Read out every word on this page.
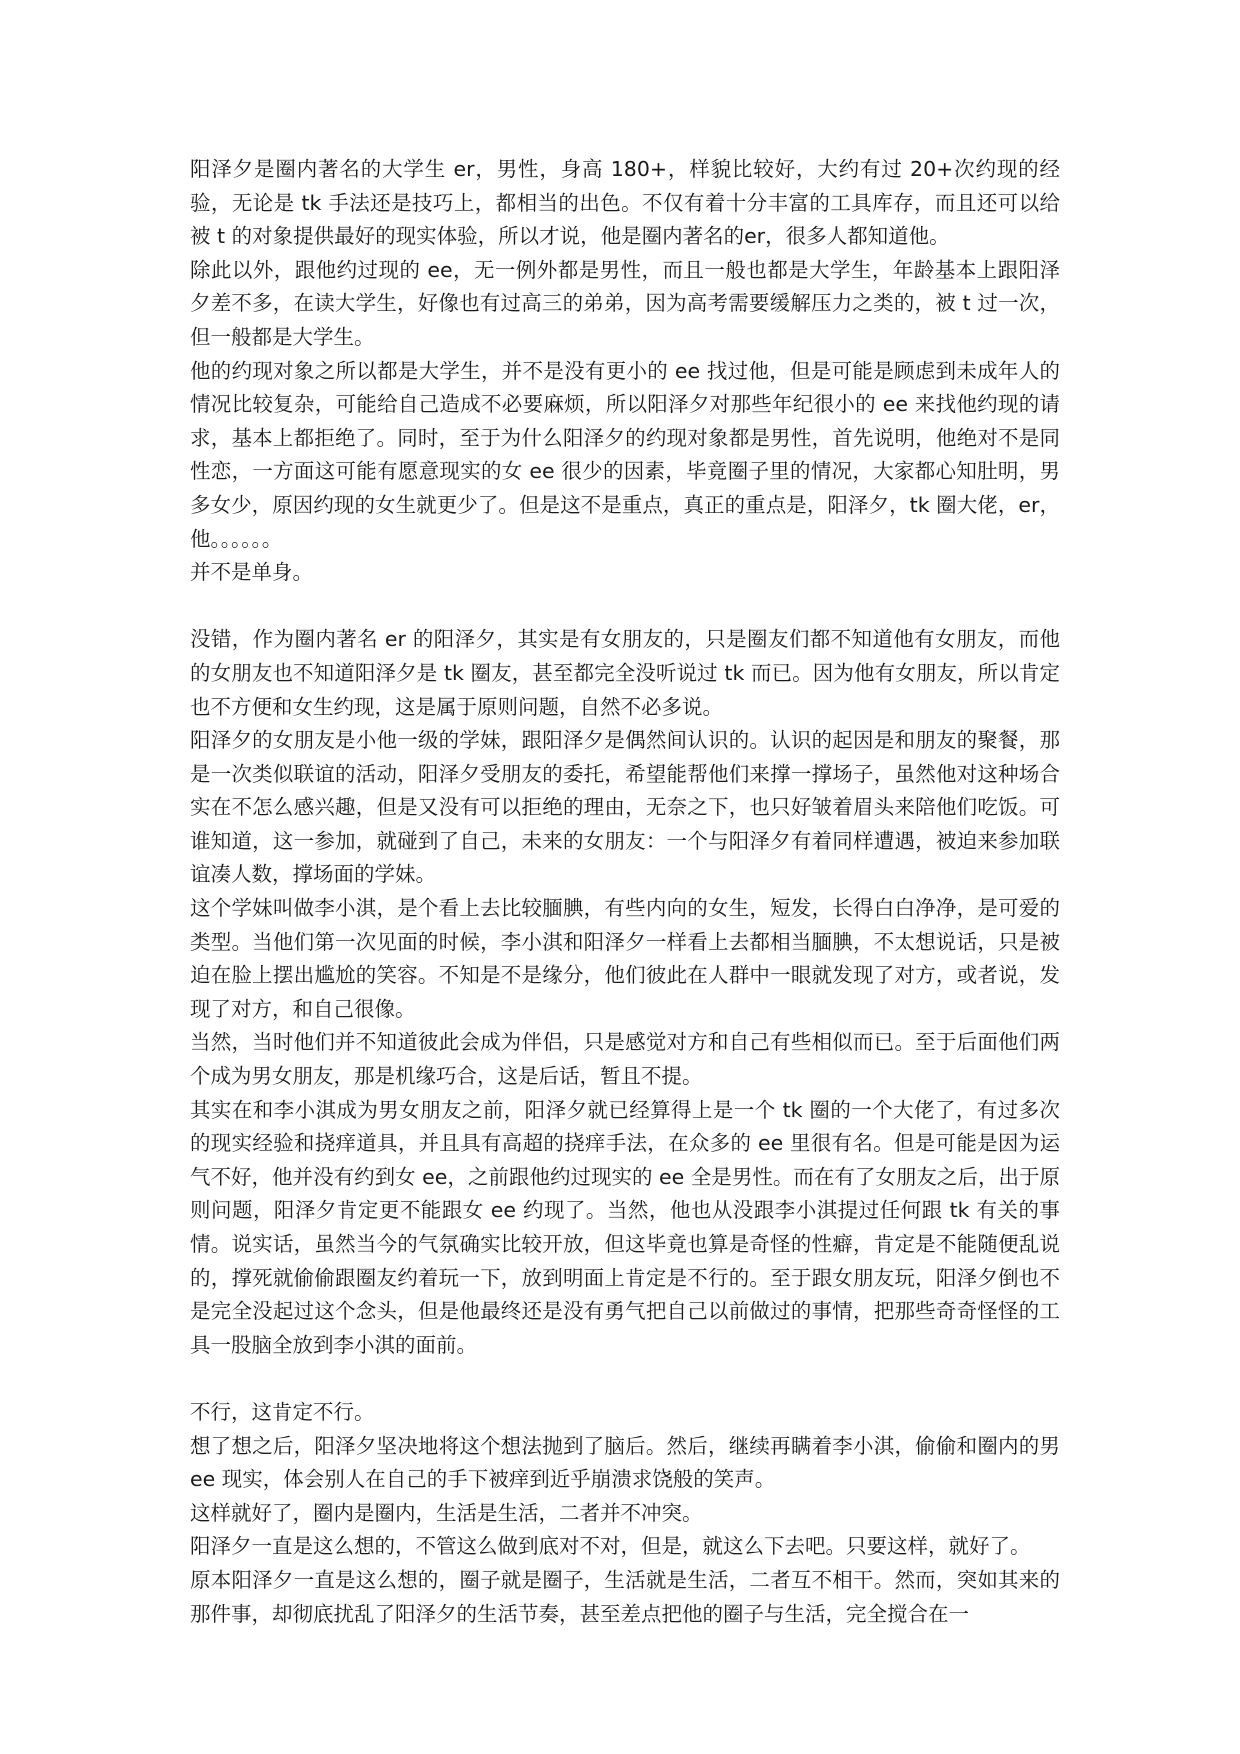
阳泽夕是圈内著名的大学生 er，男性，身高 180+，样貌比较好，大约有过 20+次约现的经验，无论是 tk 手法还是技巧上，都相当的出色。不仅有着十分丰富的工具库存，而且还可以给被 t 的对象提供最好的现实体验，所以才说，他是圈内著名的er，很多人都知道他。

除此以外，跟他约过现的 ee，无一例外都是男性，而且一般也都是大学生，年龄基本上跟阳泽夕差不多，在读大学生，好像也有过高三的弟弟，因为高考需要缓解压力之类的，被 t 过一次，但一般都是大学生。

他的约现对象之所以都是大学生，并不是没有更小的 ee 找过他，但是可能是顾虑到未成年人的情况比较复杂，可能给自己造成不必要麻烦，所以阳泽夕对那些年纪很小的 ee 来找他约现的请求，基本上都拒绝了。同时，至于为什么阳泽夕的约现对象都是男性，首先说明，他绝对不是同性恋，一方面这可能有愿意现实的女 ee 很少的因素，毕竟圈子里的情况，大家都心知肚明，男多女少，原因约现的女生就更少了。但是这不是重点，真正的重点是，阳泽夕，tk 圈大佬，er，他。。。。。。

并不是单身。

没错，作为圈内著名 er 的阳泽夕，其实是有女朋友的，只是圈友们都不知道他有女朋友，而他的女朋友也不知道阳泽夕是 tk 圈友，甚至都完全没听说过 tk 而已。因为他有女朋友，所以肯定也不方便和女生约现，这是属于原则问题，自然不必多说。

阳泽夕的女朋友是小他一级的学妹，跟阳泽夕是偶然间认识的。认识的起因是和朋友的聚餐，那是一次类似联谊的活动，阳泽夕受朋友的委托，希望能帮他们来撑一撑场子，虽然他对这种场合实在不怎么感兴趣，但是又没有可以拒绝的理由，无奈之下，也只好皱着眉头来陪他们吃饭。可谁知道，这一参加，就碰到了自己，未来的女朋友：一个与阳泽夕有着同样遭遇，被迫来参加联谊凑人数，撑场面的学妹。

这个学妹叫做李小淇，是个看上去比较腼腆，有些内向的女生，短发，长得白白净净，是可爱的类型。当他们第一次见面的时候，李小淇和阳泽夕一样看上去都相当腼腆，不太想说话，只是被迫在脸上摆出尴尬的笑容。不知是不是缘分，他们彼此在人群中一眼就发现了对方，或者说，发现了对方，和自己很像。

当然，当时他们并不知道彼此会成为伴侣，只是感觉对方和自己有些相似而已。至于后面他们两个成为男女朋友，那是机缘巧合，这是后话，暂且不提。

其实在和李小淇成为男女朋友之前，阳泽夕就已经算得上是一个 tk 圈的一个大佬了，有过多次的现实经验和挠痒道具，并且具有高超的挠痒手法，在众多的 ee 里很有名。但是可能是因为运气不好，他并没有约到女 ee，之前跟他约过现实的 ee 全是男性。而在有了女朋友之后，出于原则问题，阳泽夕肯定更不能跟女 ee 约现了。当然，他也从没跟李小淇提过任何跟 tk 有关的事情。说实话，虽然当今的气氛确实比较开放，但这毕竟也算是奇怪的性癖，肯定是不能随便乱说的，撑死就偷偷跟圈友约着玩一下，放到明面上肯定是不行的。至于跟女朋友玩，阳泽夕倒也不是完全没起过这个念头，但是他最终还是没有勇气把自己以前做过的事情，把那些奇奇怪怪的工具一股脑全放到李小淇的面前。

不行，这肯定不行。

想了想之后，阳泽夕坚决地将这个想法抛到了脑后。然后，继续再瞒着李小淇，偷偷和圈内的男 ee 现实，体会别人在自己的手下被痒到近乎崩溃求饶般的笑声。

这样就好了，圈内是圈内，生活是生活，二者并不冲突。

阳泽夕一直是这么想的，不管这么做到底对不对，但是，就这么下去吧。只要这样，就好了。

原本阳泽夕一直是这么想的，圈子就是圈子，生活就是生活，二者互不相干。然而，突如其来的那件事，却彻底扰乱了阳泽夕的生活节奏，甚至差点把他的圈子与生活，完全搅合在一
